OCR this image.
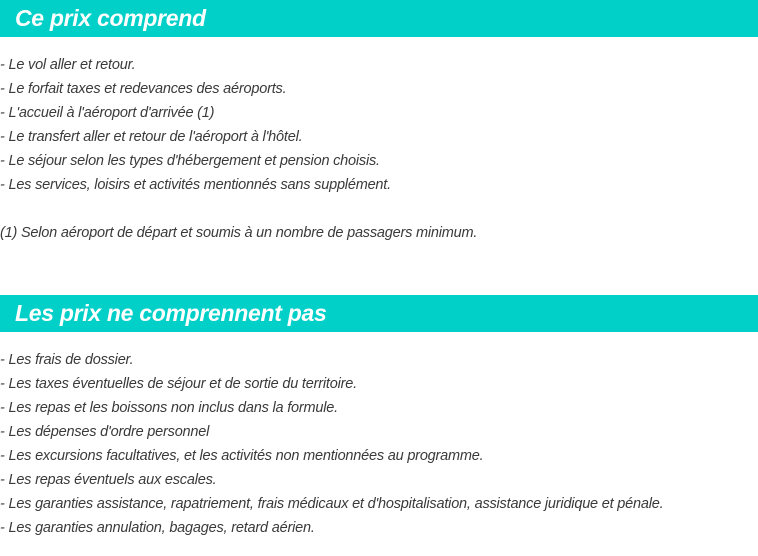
Ce prix comprend
- Le vol aller et retour.
- Le forfait taxes et redevances des aéroports.
- L'accueil à l'aéroport d'arrivée (1)
- Le transfert aller et retour de l'aéroport à l'hôtel.
- Le séjour selon les types d'hébergement et pension choisis.
- Les services, loisirs et activités mentionnés sans supplément.
(1) Selon aéroport de départ et soumis à un nombre de passagers minimum.
Les prix ne comprennent pas
- Les frais de dossier.
- Les taxes éventuelles de séjour et de sortie du territoire.
- Les repas et les boissons non inclus dans la formule.
- Les dépenses d'ordre personnel
- Les excursions facultatives, et les activités non mentionnées au programme.
- Les repas éventuels aux escales.
- Les garanties assistance, rapatriement, frais médicaux et d'hospitalisation, assistance juridique et pénale.
- Les garanties annulation, bagages, retard aérien.
